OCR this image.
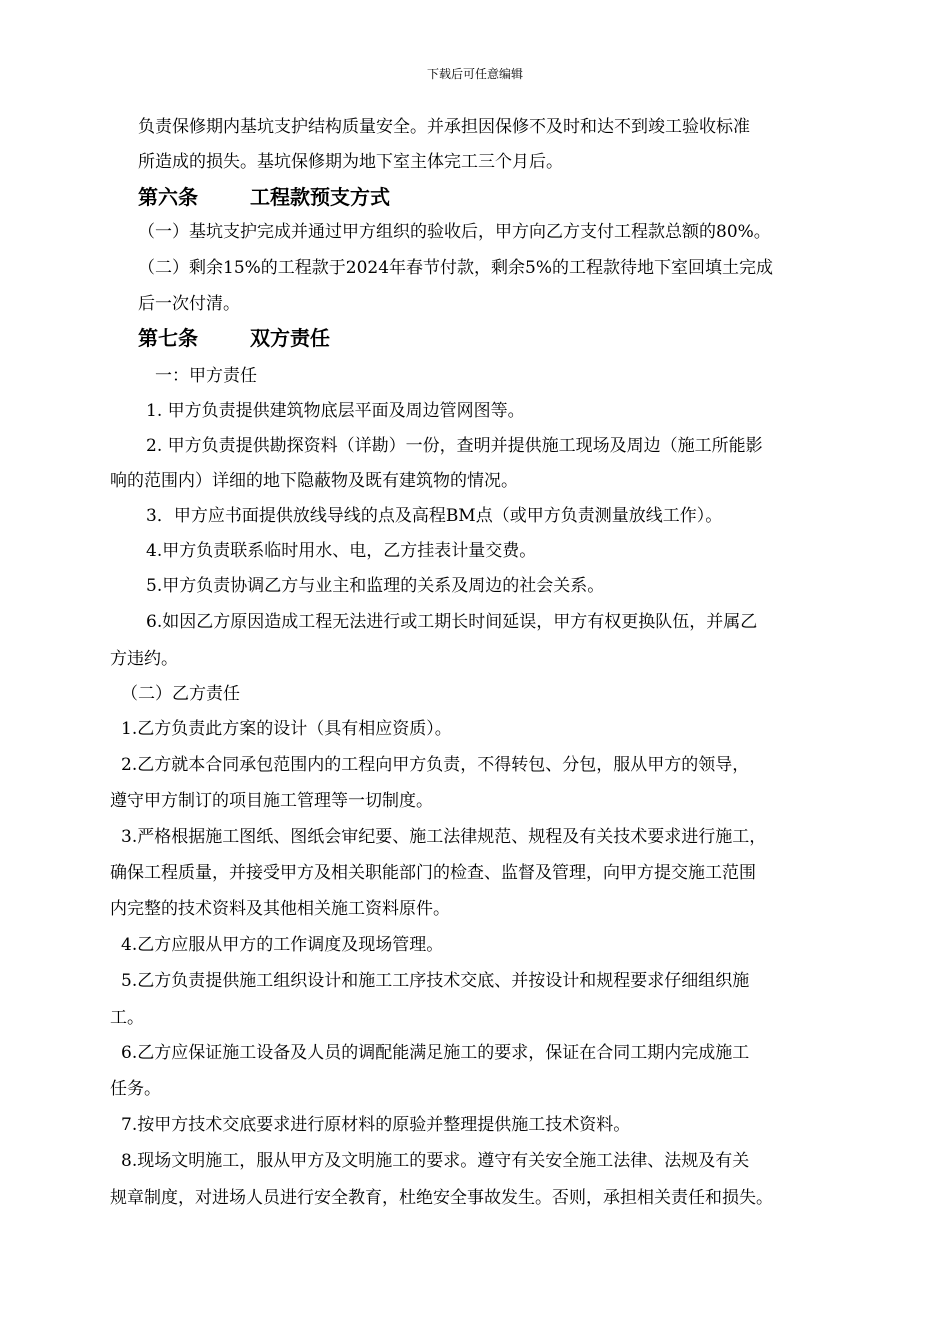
下载后可任意编辑
负责保修期内基坑支护结构质量安全。并承担因保修不及时和达不到竣工验收标准
所造成的损失。基坑保修期为地下室主体完工三个月后。
第六条	工程款预支方式
（一）基坑支护完成并通过甲方组织的验收后，甲方向乙方支付工程款总额的80%。
（二）剩余15%的工程款于2024年春节付款，剩余5%的工程款待地下室回填土完成
后一次付清。
第七条	双方责任
一：甲方责任
1. 甲方负责提供建筑物底层平面及周边管网图等。
2. 甲方负责提供勘探资料（详勘）一份，查明并提供施工现场及周边（施工所能影
响的范围内）详细的地下隐蔽物及既有建筑物的情况。
3．甲方应书面提供放线导线的点及高程BM点（或甲方负责测量放线工作）。
4.甲方负责联系临时用水、电，乙方挂表计量交费。
5.甲方负责协调乙方与业主和监理的关系及周边的社会关系。
6.如因乙方原因造成工程无法进行或工期长时间延误，甲方有权更换队伍，并属乙
方违约。
（二）乙方责任
1.乙方负责此方案的设计（具有相应资质）。
2.乙方就本合同承包范围内的工程向甲方负责，不得转包、分包，服从甲方的领导，
遵守甲方制订的项目施工管理等一切制度。
3.严格根据施工图纸、图纸会审纪要、施工法律规范、规程及有关技术要求进行施工，
确保工程质量，并接受甲方及相关职能部门的检查、监督及管理，向甲方提交施工范围
内完整的技术资料及其他相关施工资料原件。
4.乙方应服从甲方的工作调度及现场管理。
5.乙方负责提供施工组织设计和施工工序技术交底、并按设计和规程要求仔细组织施
工。
6.乙方应保证施工设备及人员的调配能满足施工的要求，保证在合同工期内完成施工
任务。
7.按甲方技术交底要求进行原材料的原验并整理提供施工技术资料。
8.现场文明施工，服从甲方及文明施工的要求。遵守有关安全施工法律、法规及有关
规章制度，对进场人员进行安全教育，杜绝安全事故发生。否则，承担相关责任和损失。
